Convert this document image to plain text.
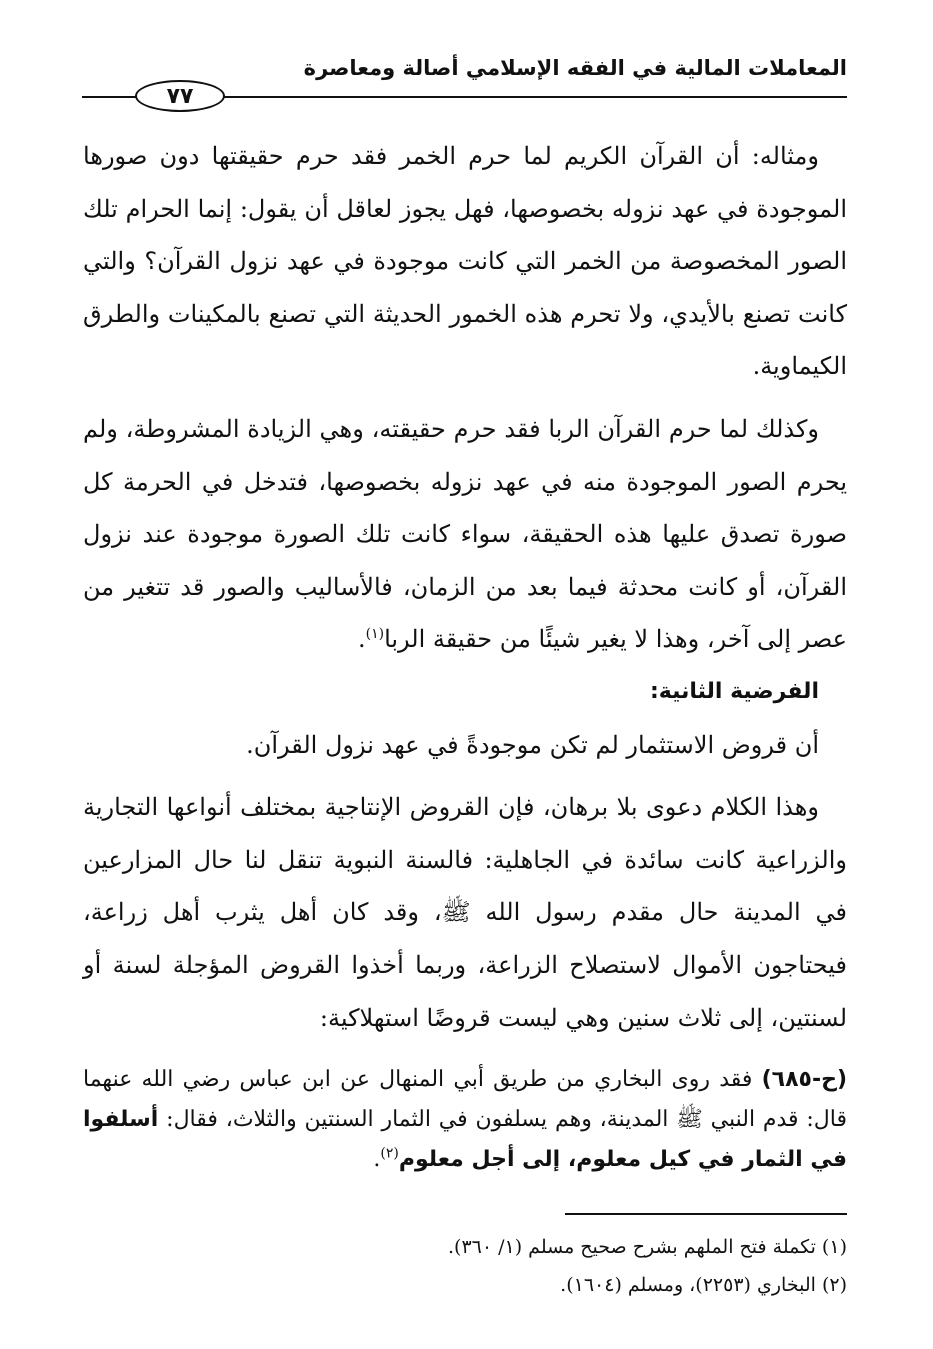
المعاملات المالية في الفقه الإسلامي أصالة ومعاصرة
٧٧

ومثاله: أن القرآن الكريم لما حرم الخمر فقد حرم حقيقتها دون صورها الموجودة في عهد نزوله بخصوصها، فهل يجوز لعاقل أن يقول: إنما الحرام تلك الصور المخصوصة من الخمر التي كانت موجودة في عهد نزول القرآن؟ والتي كانت تصنع بالأيدي، ولا تحرم هذه الخمور الحديثة التي تصنع بالمكينات والطرق الكيماوية.

وكذلك لما حرم القرآن الربا فقد حرم حقيقته، وهي الزيادة المشروطة، ولم يحرم الصور الموجودة منه في عهد نزوله بخصوصها، فتدخل في الحرمة كل صورة تصدق عليها هذه الحقيقة، سواء كانت تلك الصورة موجودة عند نزول القرآن، أو كانت محدثة فيما بعد من الزمان، فالأساليب والصور قد تتغير من عصر إلى آخر، وهذا لا يغير شيئًا من حقيقة الربا$^{(١)}$.

الفرضية الثانية:

أن قروض الاستثمار لم تكن موجودةً في عهد نزول القرآن.

وهذا الكلام دعوى بلا برهان، فإن القروض الإنتاجية بمختلف أنواعها التجارية والزراعية كانت سائدة في الجاهلية: فالسنة النبوية تنقل لنا حال المزارعين في المدينة حال مقدم رسول الله ﷺ، وقد كان أهل يثرب أهل زراعة، فيحتاجون الأموال لاستصلاح الزراعة، وربما أخذوا القروض المؤجلة لسنة أو لسنتين، إلى ثلاث سنين وهي ليست قروضًا استهلاكية:

(ح-٦٨٥) فقد روى البخاري من طريق أبي المنهال عن ابن عباس رضي الله عنهما قال: قدم النبي ﷺ المدينة، وهم يسلفون في الثمار السنتين والثلاث، فقال: أسلفوا في الثمار في كيل معلوم، إلى أجل معلوم$^{(٢)}$.

(١) تكملة فتح الملهم بشرح صحيح مسلم (١/ ٣٦٠).

(٢) البخاري (٢٢٥٣)، ومسلم (١٦٠٤).
